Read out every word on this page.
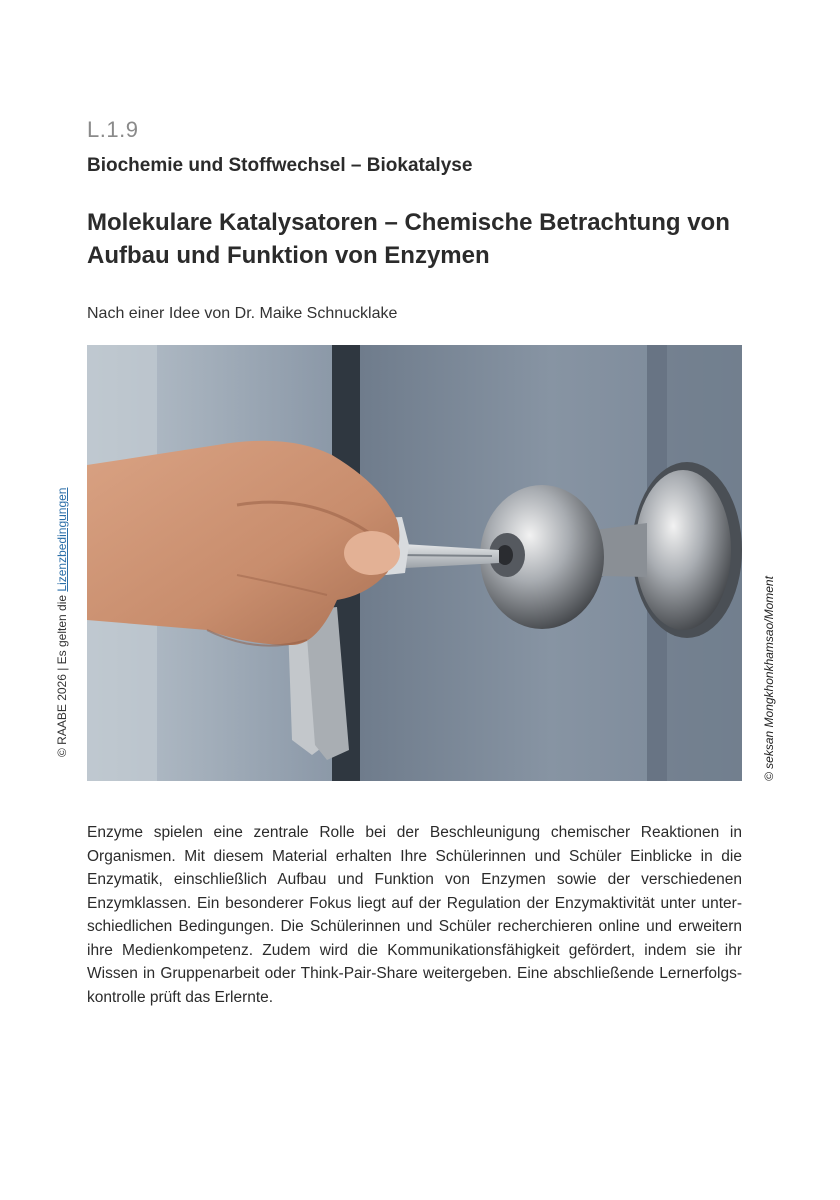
L.1.9
Biochemie und Stoffwechsel – Biokatalyse
Molekulare Katalysatoren – Chemische Betrachtung von
Aufbau und Funktion von Enzymen
Nach einer Idee von Dr. Maike Schnucklake
© seksan Mongkhonkhamsao/Moment
© RAABE 2026 | Es gelten die Lizenzbedingungen

Enzyme spielen eine zentrale Rolle bei der Beschleunigung chemischer Reaktionen in
Organismen. Mit diesem Material erhalten Ihre Schülerinnen und Schüler Einblicke in die
Enzymatik, einschließlich Aufbau und Funktion von Enzymen sowie der verschiedenen
Enzymklassen. Ein besonderer Fokus liegt auf der Regulation der Enzymaktivität unter unter-
schiedlichen Bedingungen. Die Schülerinnen und Schüler recherchieren online und erweitern
ihre Medienkompetenz. Zudem wird die Kommunikationsfähigkeit gefördert, indem sie ihr
Wissen in Gruppenarbeit oder Think-Pair-Share weitergeben. Eine abschließende Lernerfolgs-
kontrolle prüft das Erlernte.
